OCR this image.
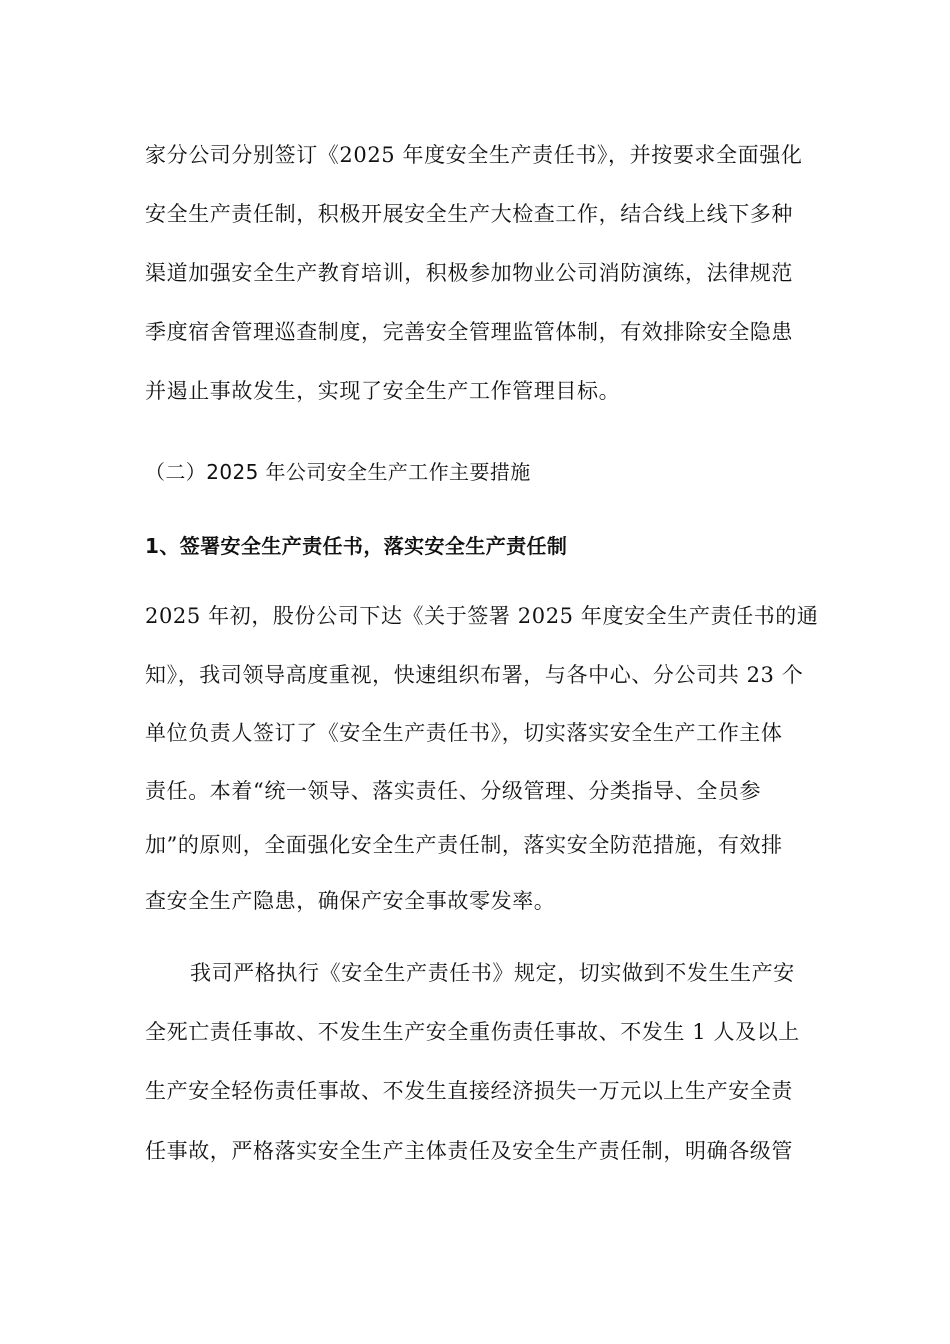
家分公司分别签订《2025 年度安全生产责任书》，并按要求全面强化
安全生产责任制，积极开展安全生产大检查工作，结合线上线下多种
渠道加强安全生产教育培训，积极参加物业公司消防演练，法律规范
季度宿舍管理巡查制度，完善安全管理监管体制，有效排除安全隐患
并遏止事故发生，实现了安全生产工作管理目标。
（二）2025 年公司安全生产工作主要措施
1、签署安全生产责任书，落实安全生产责任制
2025 年初，股份公司下达《关于签署 2025 年度安全生产责任书的通
知》，我司领导高度重视，快速组织布署，与各中心、分公司共 23 个
单位负责人签订了《安全生产责任书》，切实落实安全生产工作主体
责任。本着“统一领导、落实责任、分级管理、分类指导、全员参
加”的原则，全面强化安全生产责任制，落实安全防范措施，有效排
查安全生产隐患，确保产安全事故零发率。
我司严格执行《安全生产责任书》规定，切实做到不发生生产安
全死亡责任事故、不发生生产安全重伤责任事故、不发生 1 人及以上
生产安全轻伤责任事故、不发生直接经济损失一万元以上生产安全责
任事故，严格落实安全生产主体责任及安全生产责任制，明确各级管
